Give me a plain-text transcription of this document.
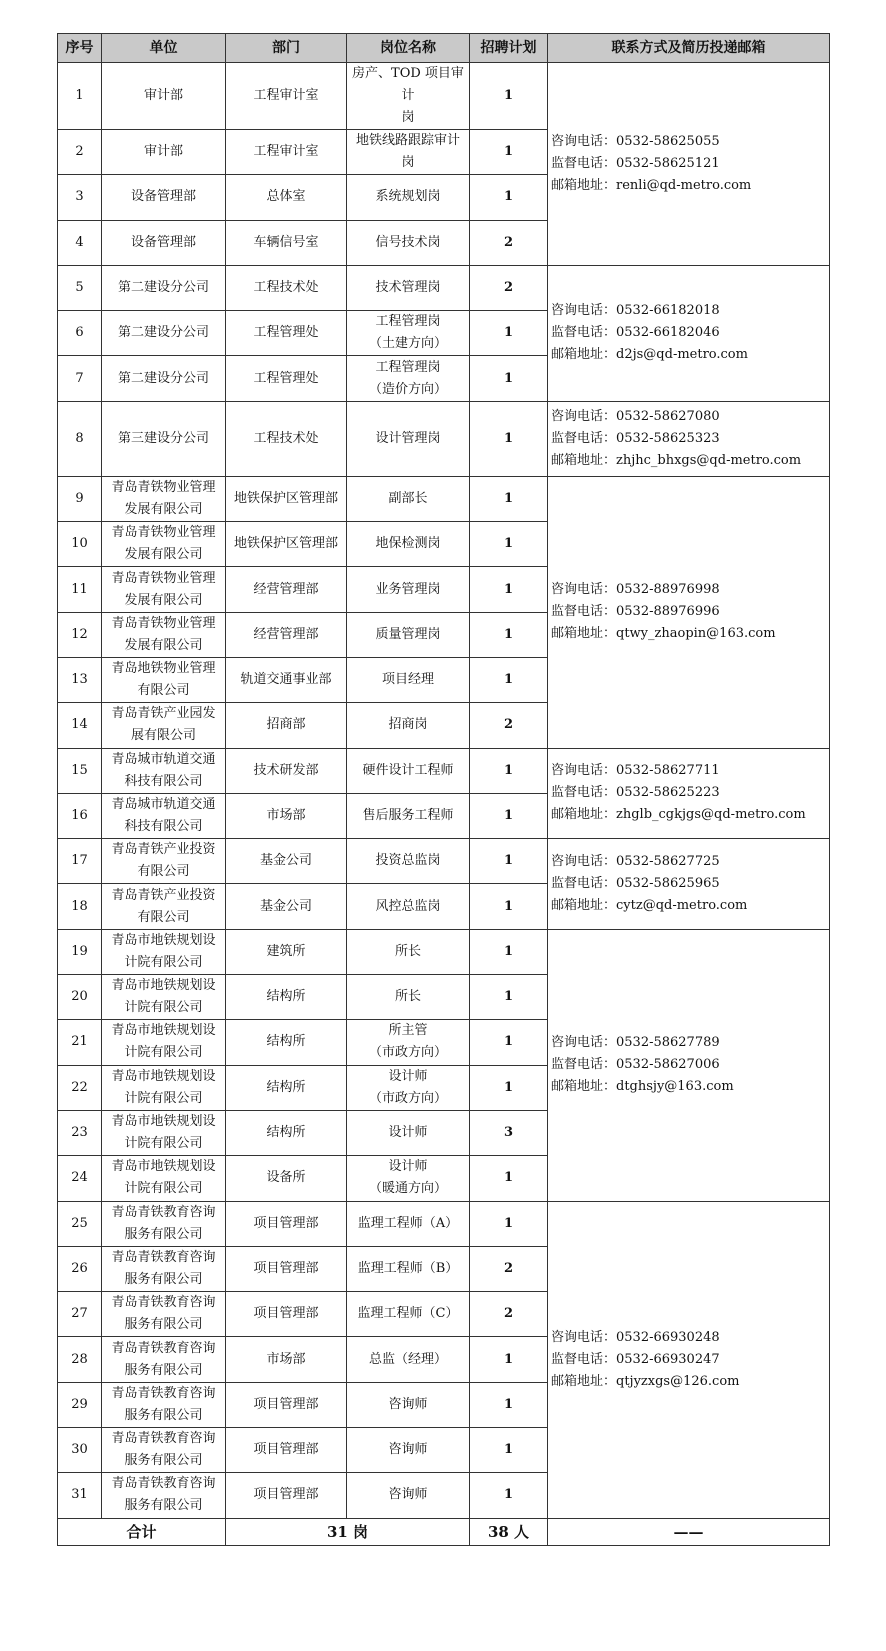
序号	单位	部门	岗位名称	招聘计划	联系方式及简历投递邮箱
1	审计部	工程审计室	房产、TOD 项目审计
岗	1	咨询电话：0532-58625055
监督电话：0532-58625121
邮箱地址：renli@qd-metro.com

2	审计部	工程审计室	地铁线路跟踪审计
岗	1	
3	设备管理部	总体室	系统规划岗	1	
4	设备管理部	车辆信号室	信号技术岗	2	
5	第二建设分公司	工程技术处	技术管理岗	2	咨询电话：0532-66182018
监督电话：0532-66182046
邮箱地址：d2js@qd-metro.com

6	第二建设分公司	工程管理处	工程管理岗
（土建方向）	1	
7	第二建设分公司	工程管理处	工程管理岗
（造价方向）	1	
8	第三建设分公司	工程技术处	设计管理岗	1	咨询电话：0532-58627080
监督电话：0532-58625323
邮箱地址：zhjhc_bhxgs@qd-metro.com

9	青岛青铁物业管理
发展有限公司	地铁保护区管理部	副部长	1	咨询电话：0532-88976998
监督电话：0532-88976996
邮箱地址：qtwy_zhaopin@163.com

10	青岛青铁物业管理
发展有限公司	地铁保护区管理部	地保检测岗	1	
11	青岛青铁物业管理
发展有限公司	经营管理部	业务管理岗	1	
12	青岛青铁物业管理
发展有限公司	经营管理部	质量管理岗	1	
13	青岛地铁物业管理
有限公司	轨道交通事业部	项目经理	1	
14	青岛青铁产业园发
展有限公司	招商部	招商岗	2	
15	青岛城市轨道交通
科技有限公司	技术研发部	硬件设计工程师	1	咨询电话：0532-58627711
监督电话：0532-58625223
邮箱地址：zhglb_cgkjgs@qd-metro.com

16	青岛城市轨道交通
科技有限公司	市场部	售后服务工程师	1	
17	青岛青铁产业投资
有限公司	基金公司	投资总监岗	1	咨询电话：0532-58627725
监督电话：0532-58625965
邮箱地址：cytz@qd-metro.com

18	青岛青铁产业投资
有限公司	基金公司	风控总监岗	1	
19	青岛市地铁规划设
计院有限公司	建筑所	所长	1	咨询电话：0532-58627789
监督电话：0532-58627006
邮箱地址：dtghsjy@163.com

20	青岛市地铁规划设
计院有限公司	结构所	所长	1	
21	青岛市地铁规划设
计院有限公司	结构所	所主管
（市政方向）	1	
22	青岛市地铁规划设
计院有限公司	结构所	设计师
（市政方向）	1	
23	青岛市地铁规划设
计院有限公司	结构所	设计师	3	
24	青岛市地铁规划设
计院有限公司	设备所	设计师
（暖通方向）	1	
25	青岛青铁教育咨询
服务有限公司	项目管理部	监理工程师（A）	1	咨询电话：0532-66930248
监督电话：0532-66930247
邮箱地址：qtjyzxgs@126.com

26	青岛青铁教育咨询
服务有限公司	项目管理部	监理工程师（B）	2	
27	青岛青铁教育咨询
服务有限公司	项目管理部	监理工程师（C）	2	
28	青岛青铁教育咨询
服务有限公司	市场部	总监（经理）	1	
29	青岛青铁教育咨询
服务有限公司	项目管理部	咨询师	1	
30	青岛青铁教育咨询
服务有限公司	项目管理部	咨询师	1	
31	青岛青铁教育咨询
服务有限公司	项目管理部	咨询师	1	
合计		31 岗		38 人	——
